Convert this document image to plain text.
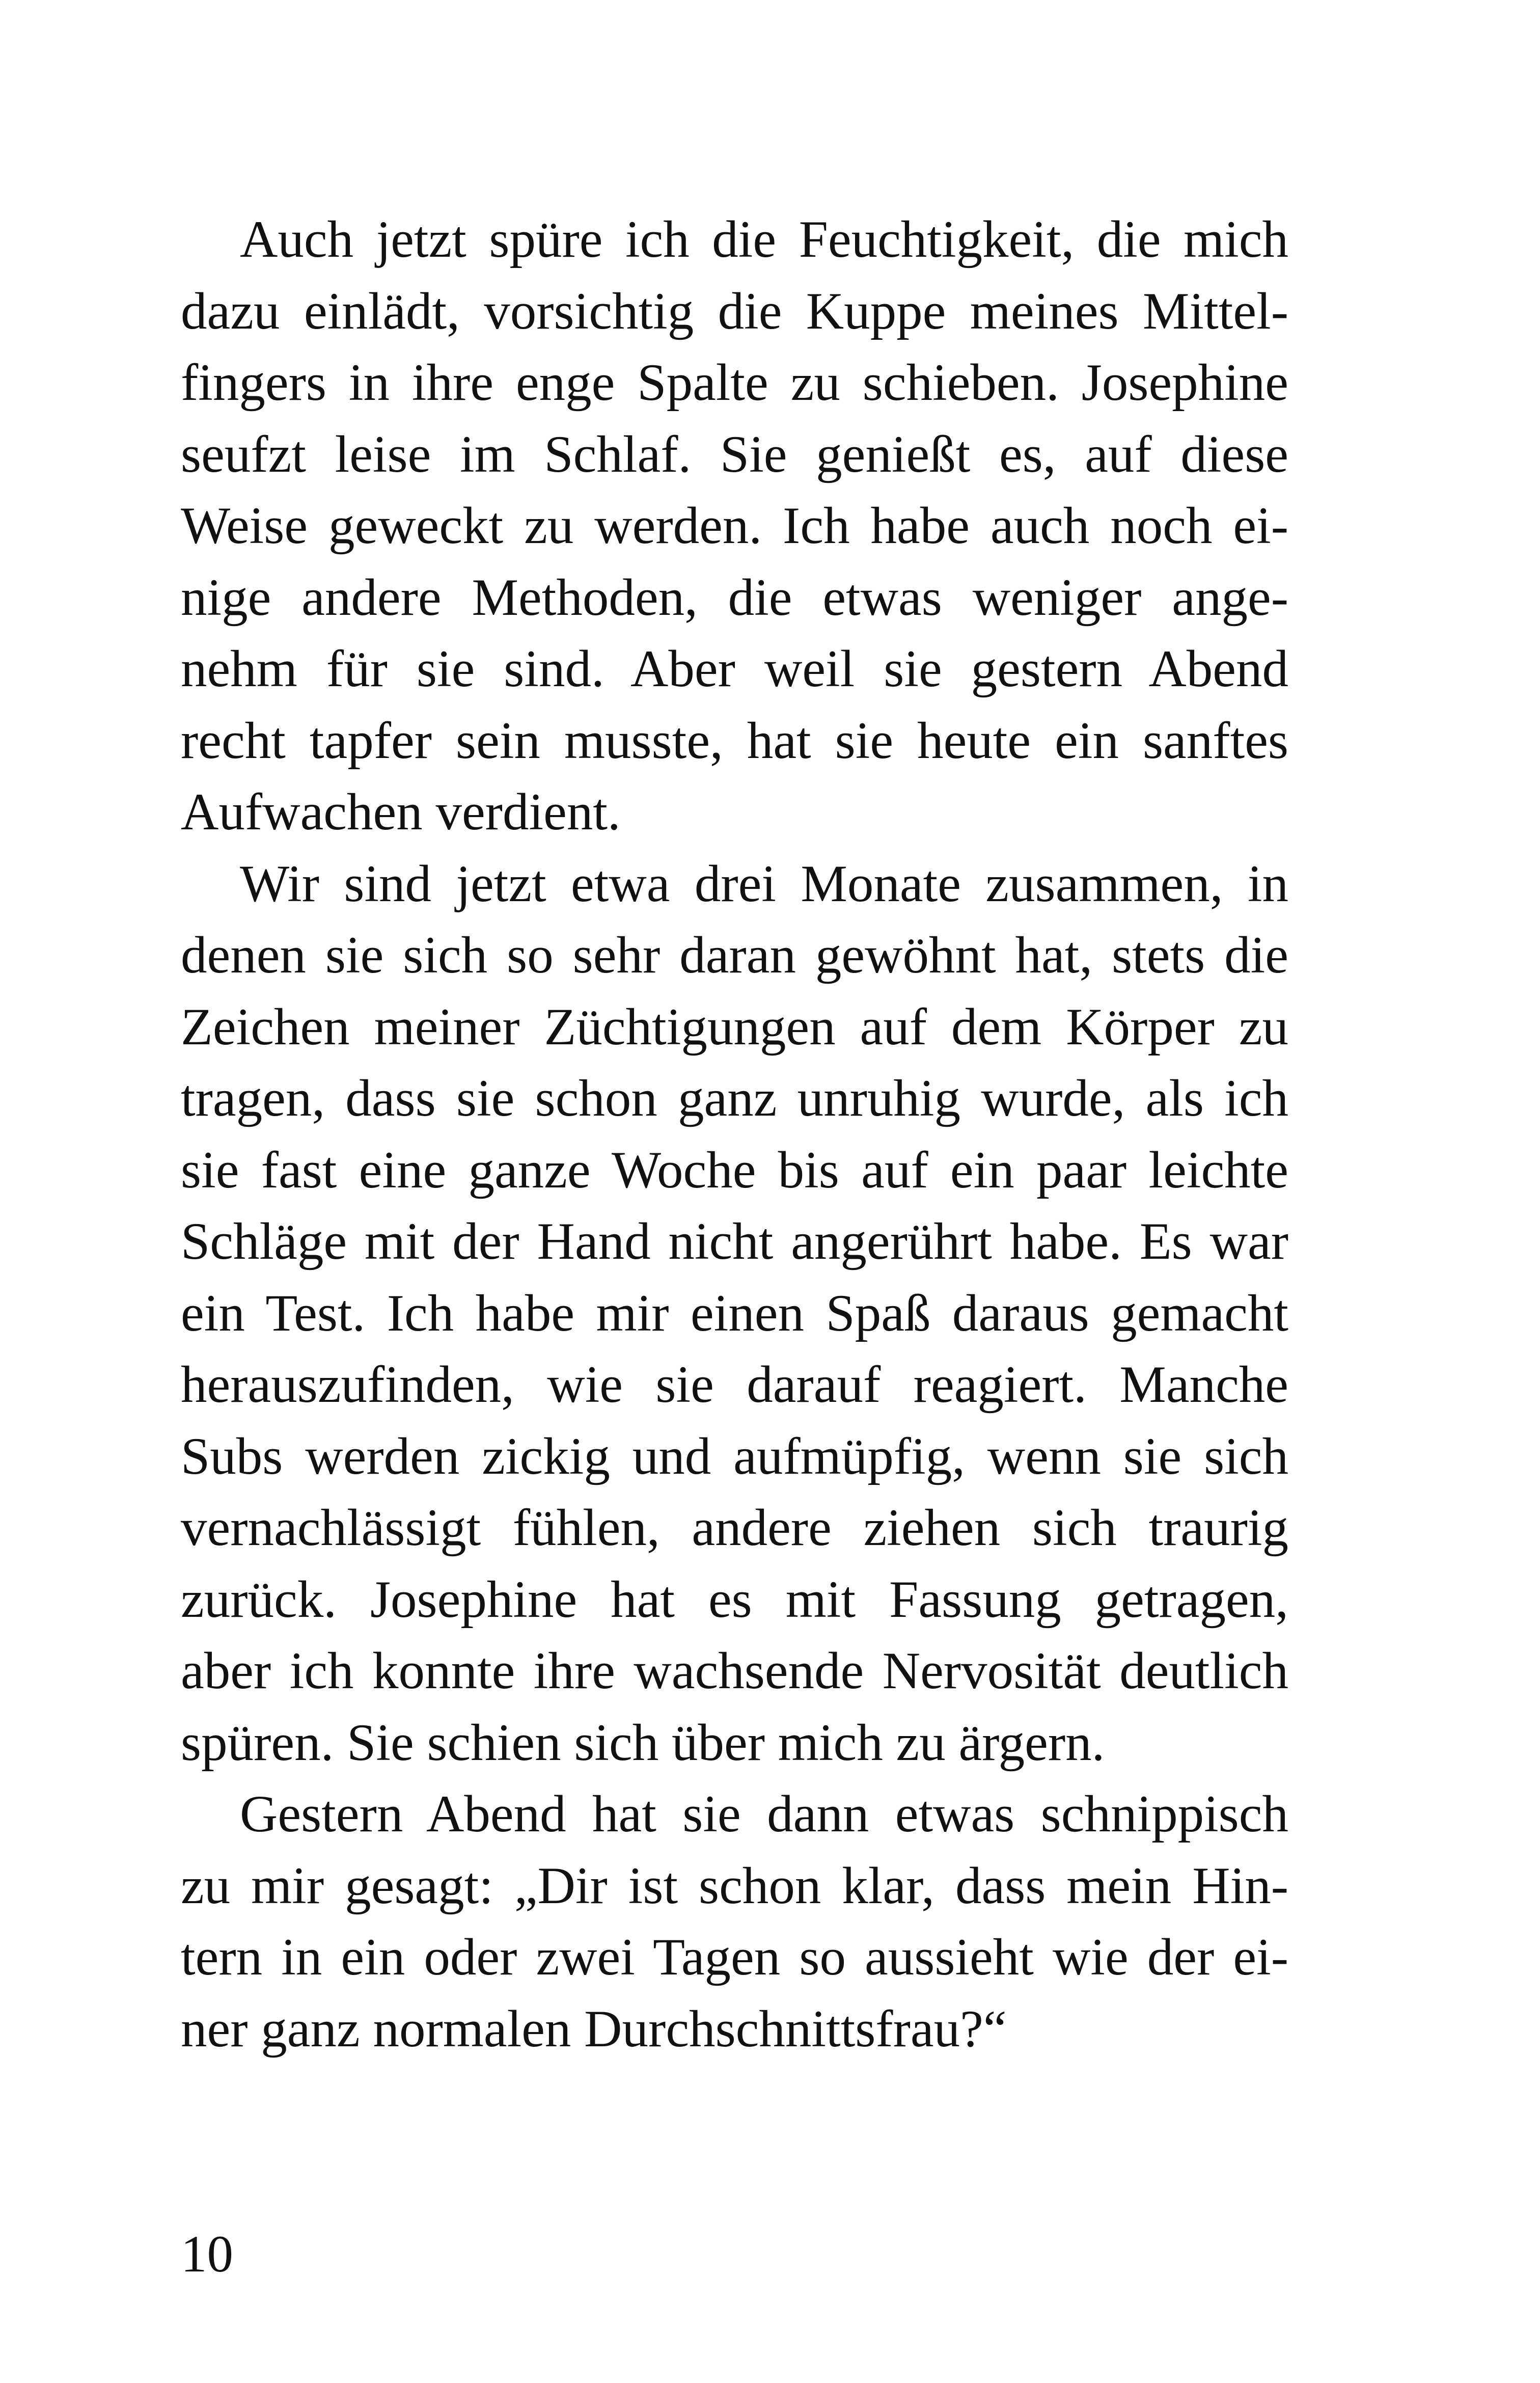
Auch jetzt spüre ich die Feuchtigkeit, die mich
dazu einlädt, vorsichtig die Kuppe meines Mittel-
fingers in ihre enge Spalte zu schieben. Josephine
seufzt leise im Schlaf. Sie genießt es, auf diese
Weise geweckt zu werden. Ich habe auch noch ei-
nige andere Methoden, die etwas weniger ange-
nehm für sie sind. Aber weil sie gestern Abend
recht tapfer sein musste, hat sie heute ein sanftes
Aufwachen verdient.
Wir sind jetzt etwa drei Monate zusammen, in
denen sie sich so sehr daran gewöhnt hat, stets die
Zeichen meiner Züchtigungen auf dem Körper zu
tragen, dass sie schon ganz unruhig wurde, als ich
sie fast eine ganze Woche bis auf ein paar leichte
Schläge mit der Hand nicht angerührt habe. Es war
ein Test. Ich habe mir einen Spaß daraus gemacht
herauszufinden, wie sie darauf reagiert. Manche
Subs werden zickig und aufmüpfig, wenn sie sich
vernachlässigt fühlen, andere ziehen sich traurig
zurück. Josephine hat es mit Fassung getragen,
aber ich konnte ihre wachsende Nervosität deutlich
spüren. Sie schien sich über mich zu ärgern.
Gestern Abend hat sie dann etwas schnippisch
zu mir gesagt: „Dir ist schon klar, dass mein Hin-
tern in ein oder zwei Tagen so aussieht wie der ei-
ner ganz normalen Durchschnittsfrau?“
10
